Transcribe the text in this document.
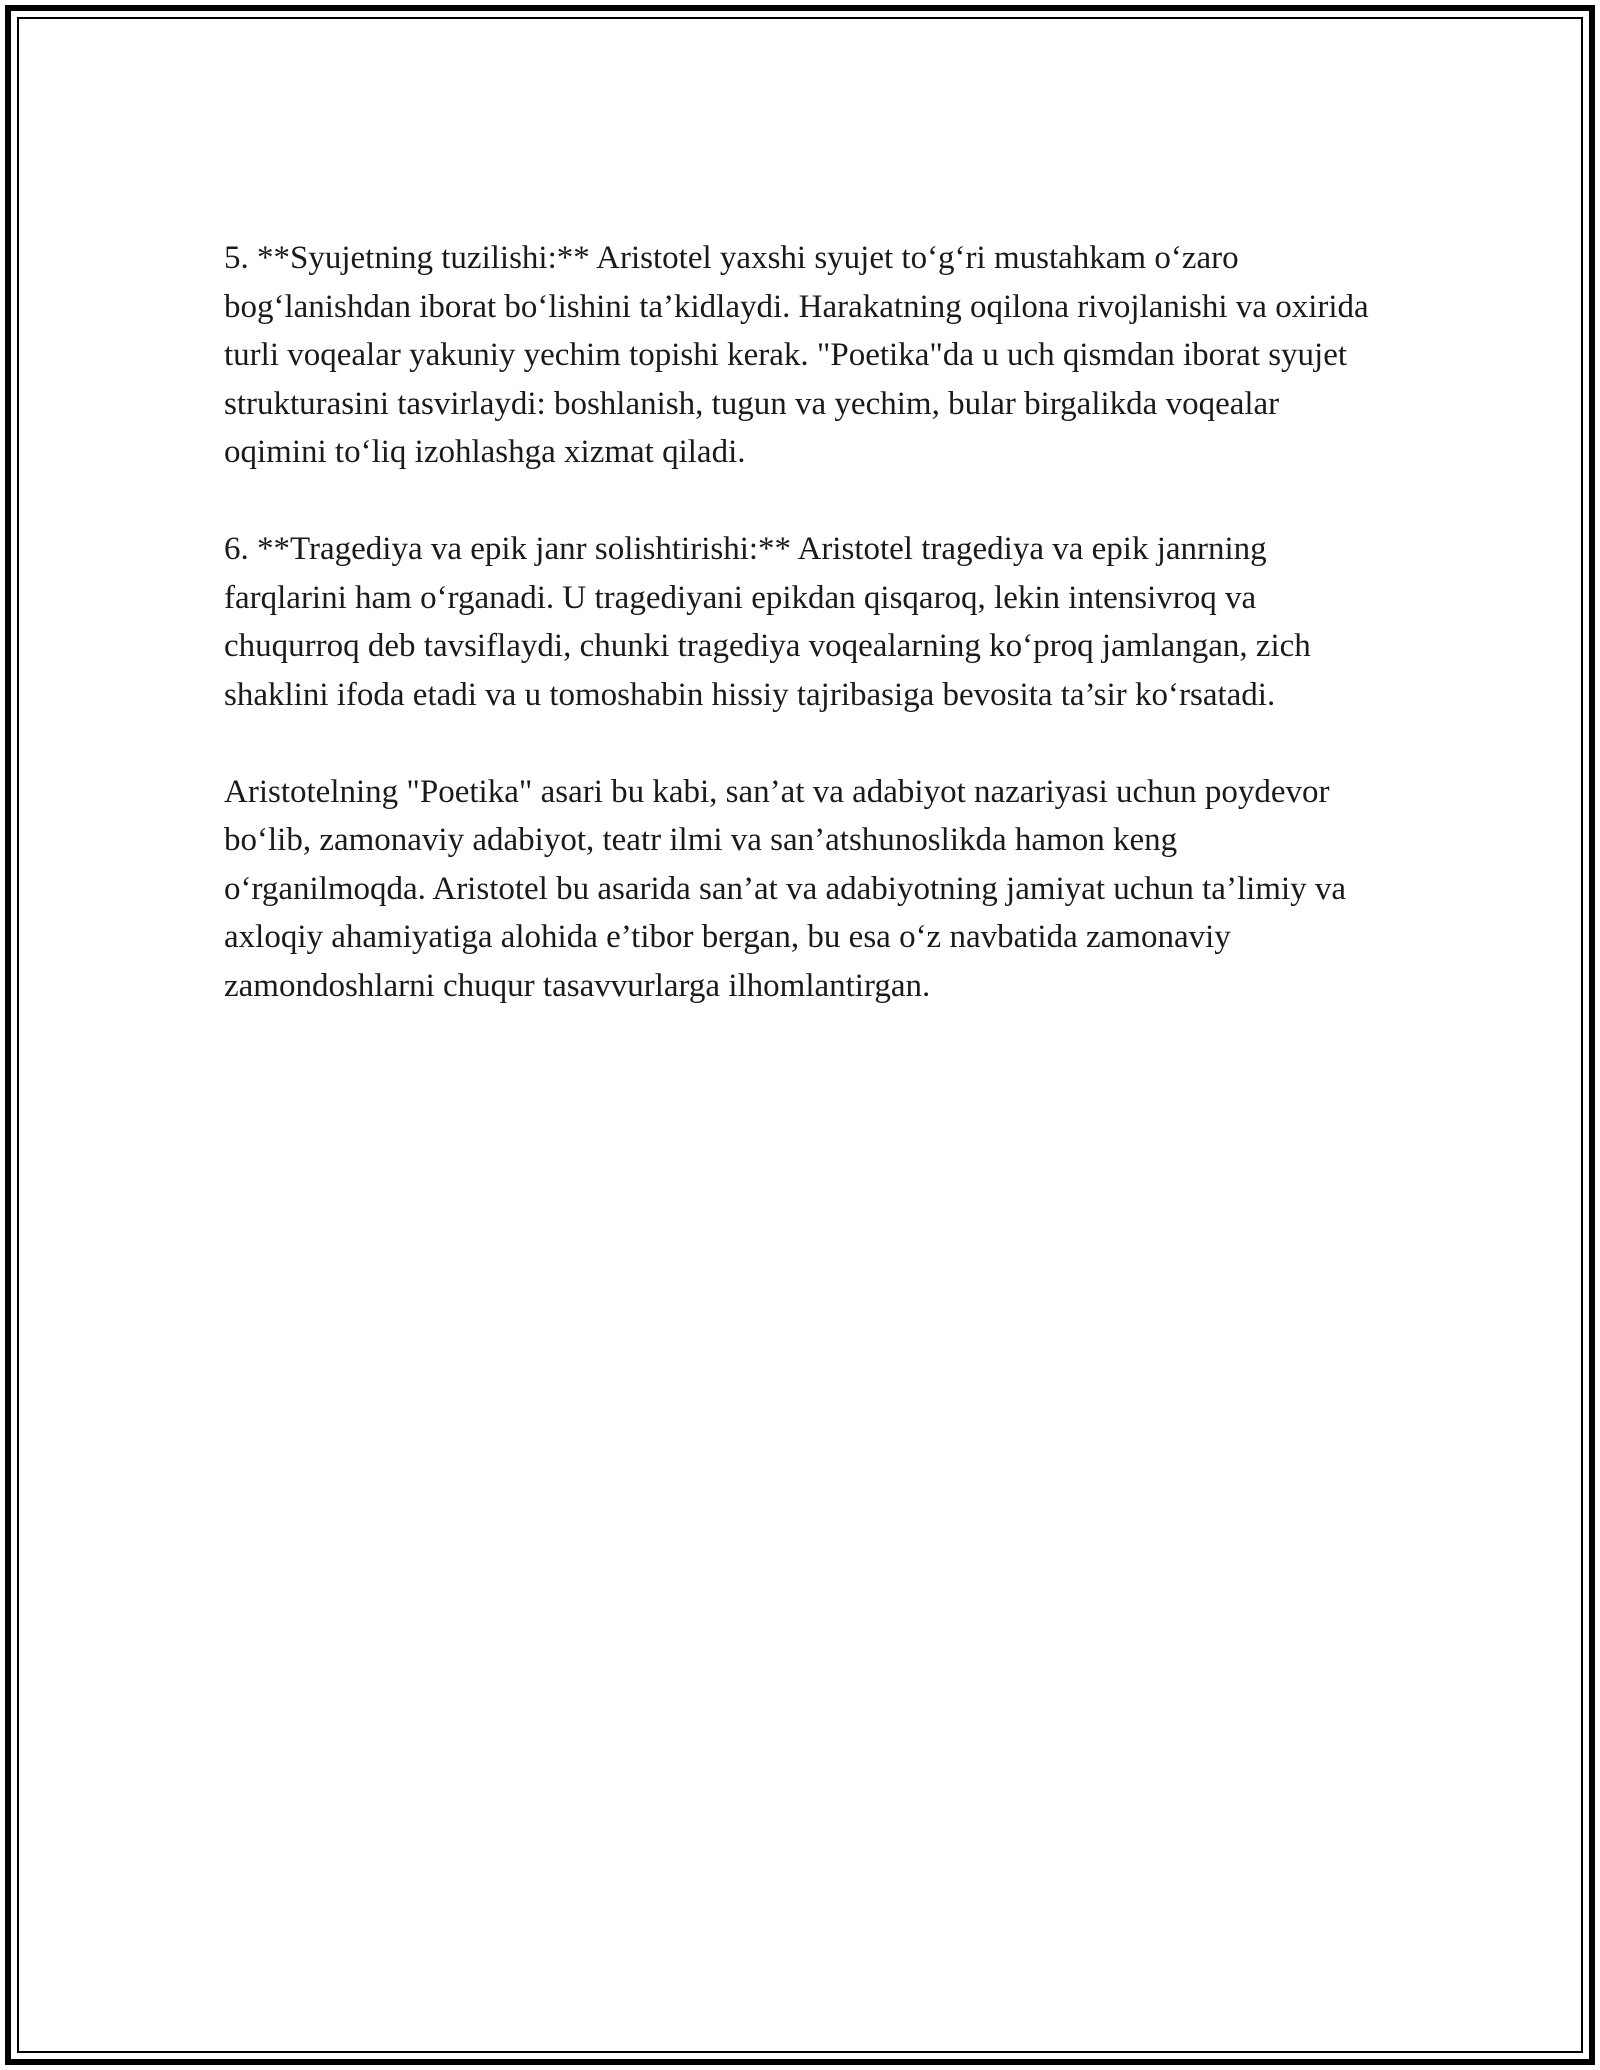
5. **Syujetning tuzilishi:** Aristotel yaxshi syujet to‘g‘ri mustahkam o‘zaro bog‘lanishdan iborat bo‘lishini ta’kidlaydi. Harakatning oqilona rivojlanishi va oxirida turli voqealar yakuniy yechim topishi kerak. "Poetika"da u uch qismdan iborat syujet strukturasini tasvirlaydi: boshlanish, tugun va yechim, bular birgalikda voqealar oqimini to‘liq izohlashga xizmat qiladi.

6. **Tragediya va epik janr solishtirishi:** Aristotel tragediya va epik janrning farqlarini ham o‘rganadi. U tragediyani epikdan qisqaroq, lekin intensivroq va chuqurroq deb tavsiflaydi, chunki tragediya voqealarning ko‘proq jamlangan, zich shaklini ifoda etadi va u tomoshabin hissiy tajribasiga bevosita ta’sir ko‘rsatadi.

Aristotelning "Poetika" asari bu kabi, san’at va adabiyot nazariyasi uchun poydevor bo‘lib, zamonaviy adabiyot, teatr ilmi va san’atshunoslikda hamon keng o‘rganilmoqda. Aristotel bu asarida san’at va adabiyotning jamiyat uchun ta’limiy va axloqiy ahamiyatiga alohida e’tibor bergan, bu esa o‘z navbatida zamonaviy zamondoshlarni chuqur tasavvurlarga ilhomlantirgan.
